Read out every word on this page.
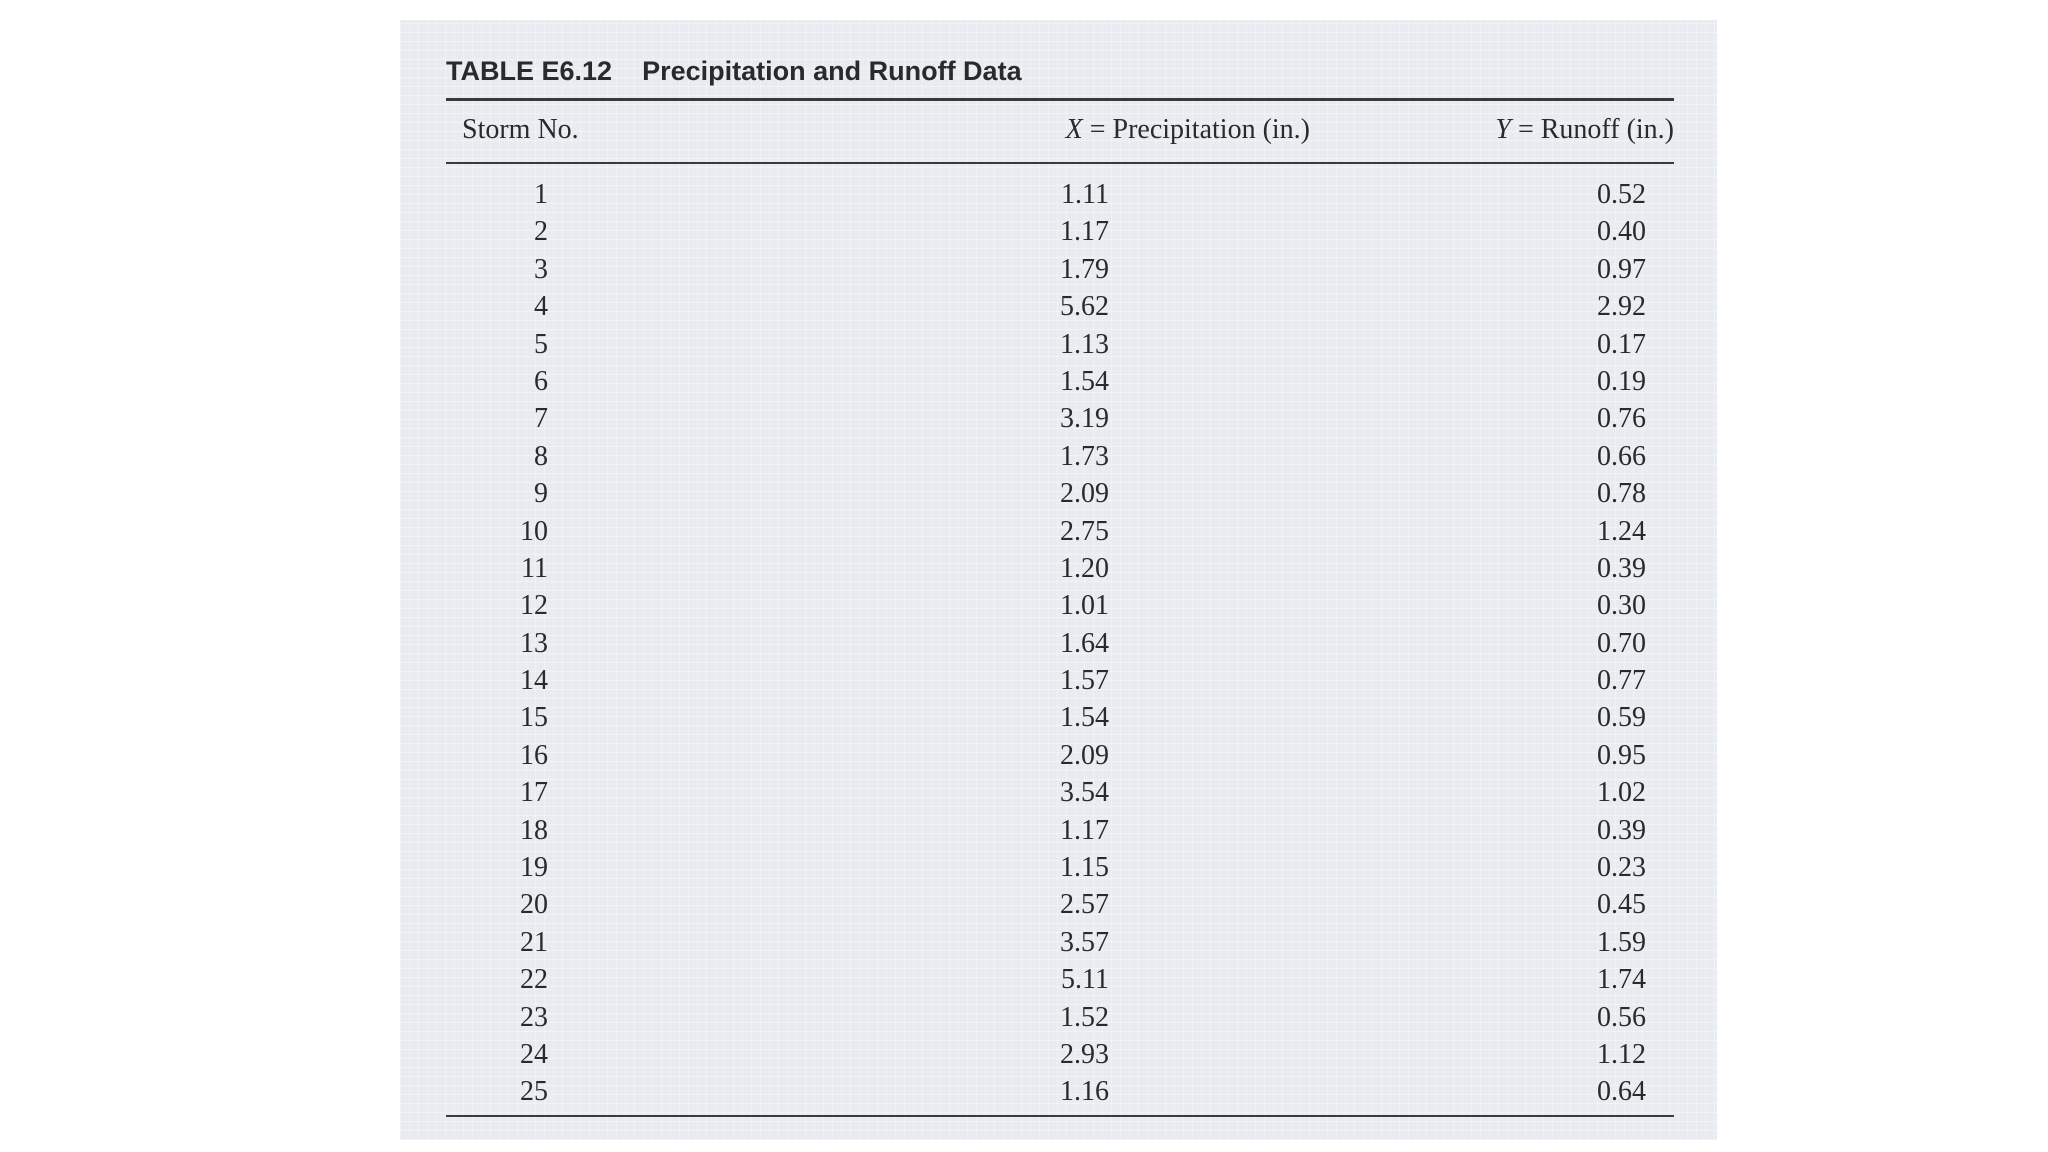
TABLE E6.12 Precipitation and Runoff Data
Storm No.	X = Precipitation (in.)	Y = Runoff (in.)
1	1.11	0.52
2	1.17	0.40
3	1.79	0.97
4	5.62	2.92
5	1.13	0.17
6	1.54	0.19
7	3.19	0.76
8	1.73	0.66
9	2.09	0.78
10	2.75	1.24
11	1.20	0.39
12	1.01	0.30
13	1.64	0.70
14	1.57	0.77
15	1.54	0.59
16	2.09	0.95
17	3.54	1.02
18	1.17	0.39
19	1.15	0.23
20	2.57	0.45
21	3.57	1.59
22	5.11	1.74
23	1.52	0.56
24	2.93	1.12
25	1.16	0.64
